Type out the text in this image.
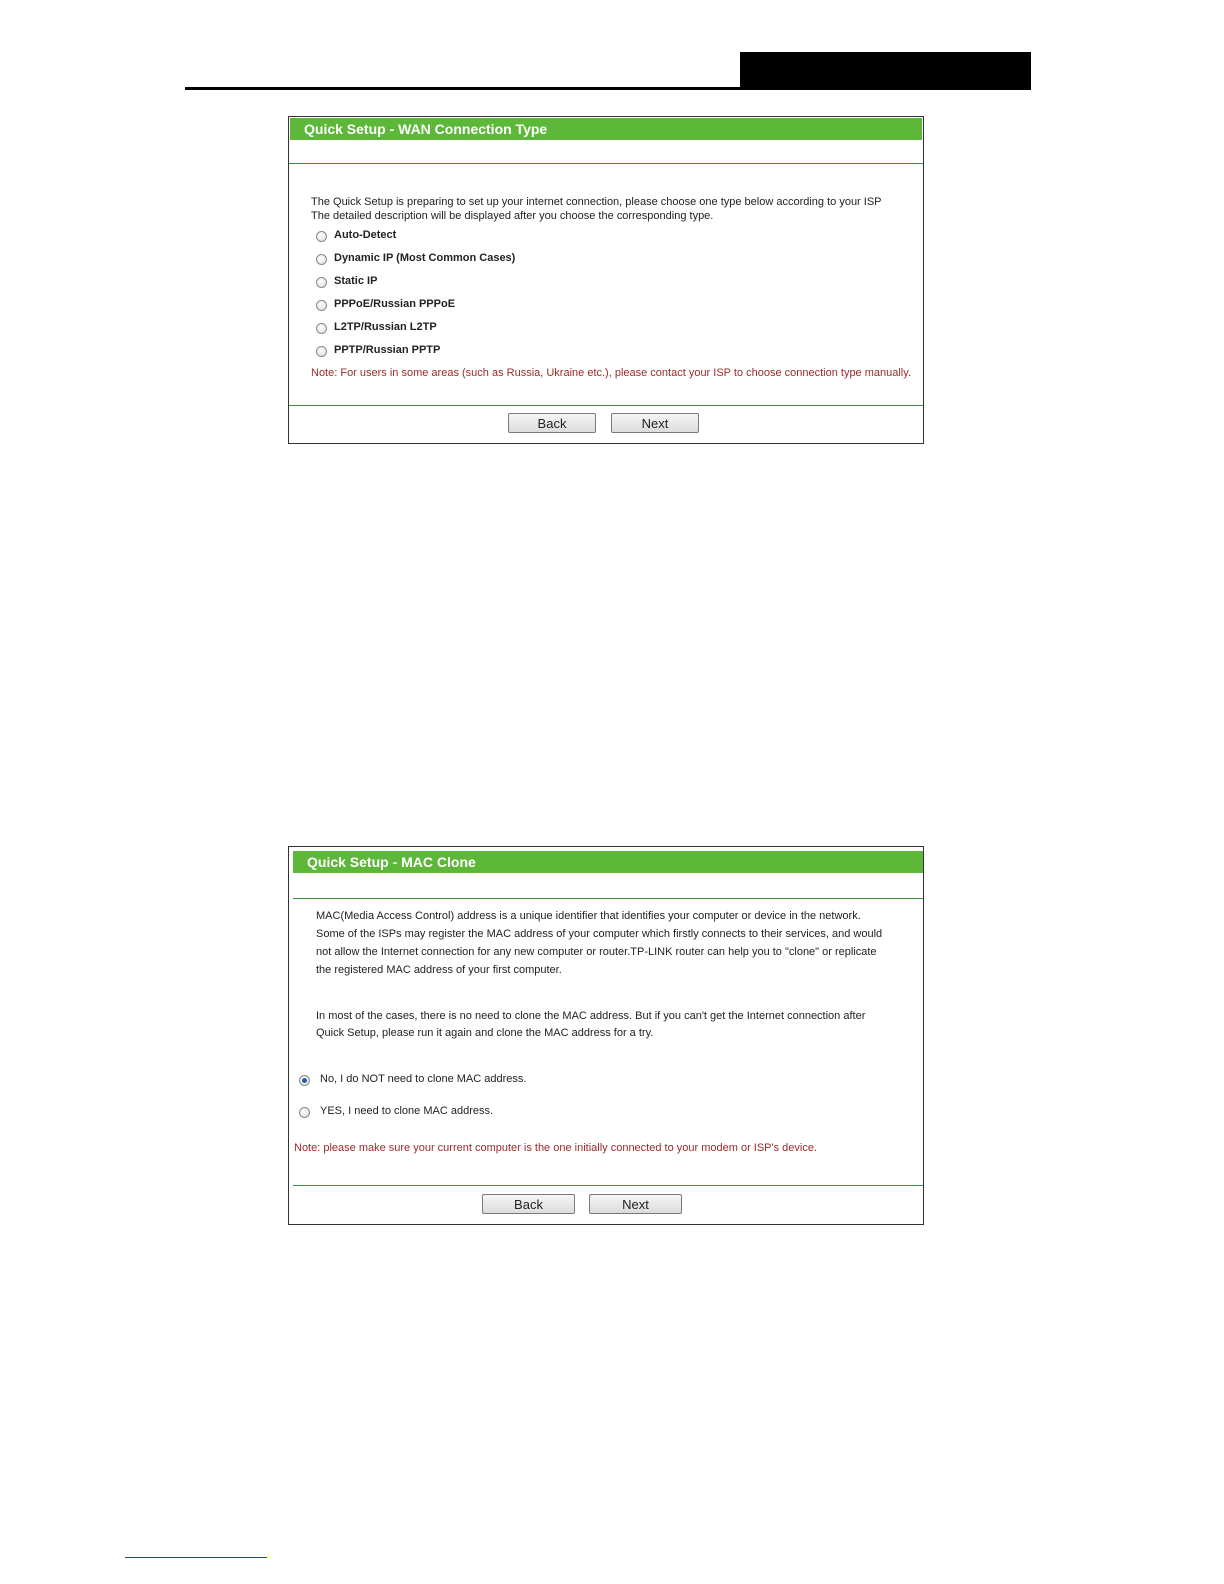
Quick Setup - WAN Connection Type
The Quick Setup is preparing to set up your internet connection, please choose one type below according to your ISP
The detailed description will be displayed after you choose the corresponding type.
Auto-Detect
Dynamic IP (Most Common Cases)
Static IP
PPPoE/Russian PPPoE
L2TP/Russian L2TP
PPTP/Russian PPTP
Note: For users in some areas (such as Russia, Ukraine etc.), please contact your ISP to choose connection type manually.
Back	Next
Quick Setup - MAC Clone
MAC(Media Access Control) address is a unique identifier that identifies your computer or device in the network.
Some of the ISPs may register the MAC address of your computer which firstly connects to their services, and would
not allow the Internet connection for any new computer or router.TP-LINK router can help you to "clone" or replicate
the registered MAC address of your first computer.
In most of the cases, there is no need to clone the MAC address. But if you can't get the Internet connection after
Quick Setup, please run it again and clone the MAC address for a try.
No, I do NOT need to clone MAC address.
YES, I need to clone MAC address.
Note: please make sure your current computer is the one initially connected to your modem or ISP's device.
Back	Next
